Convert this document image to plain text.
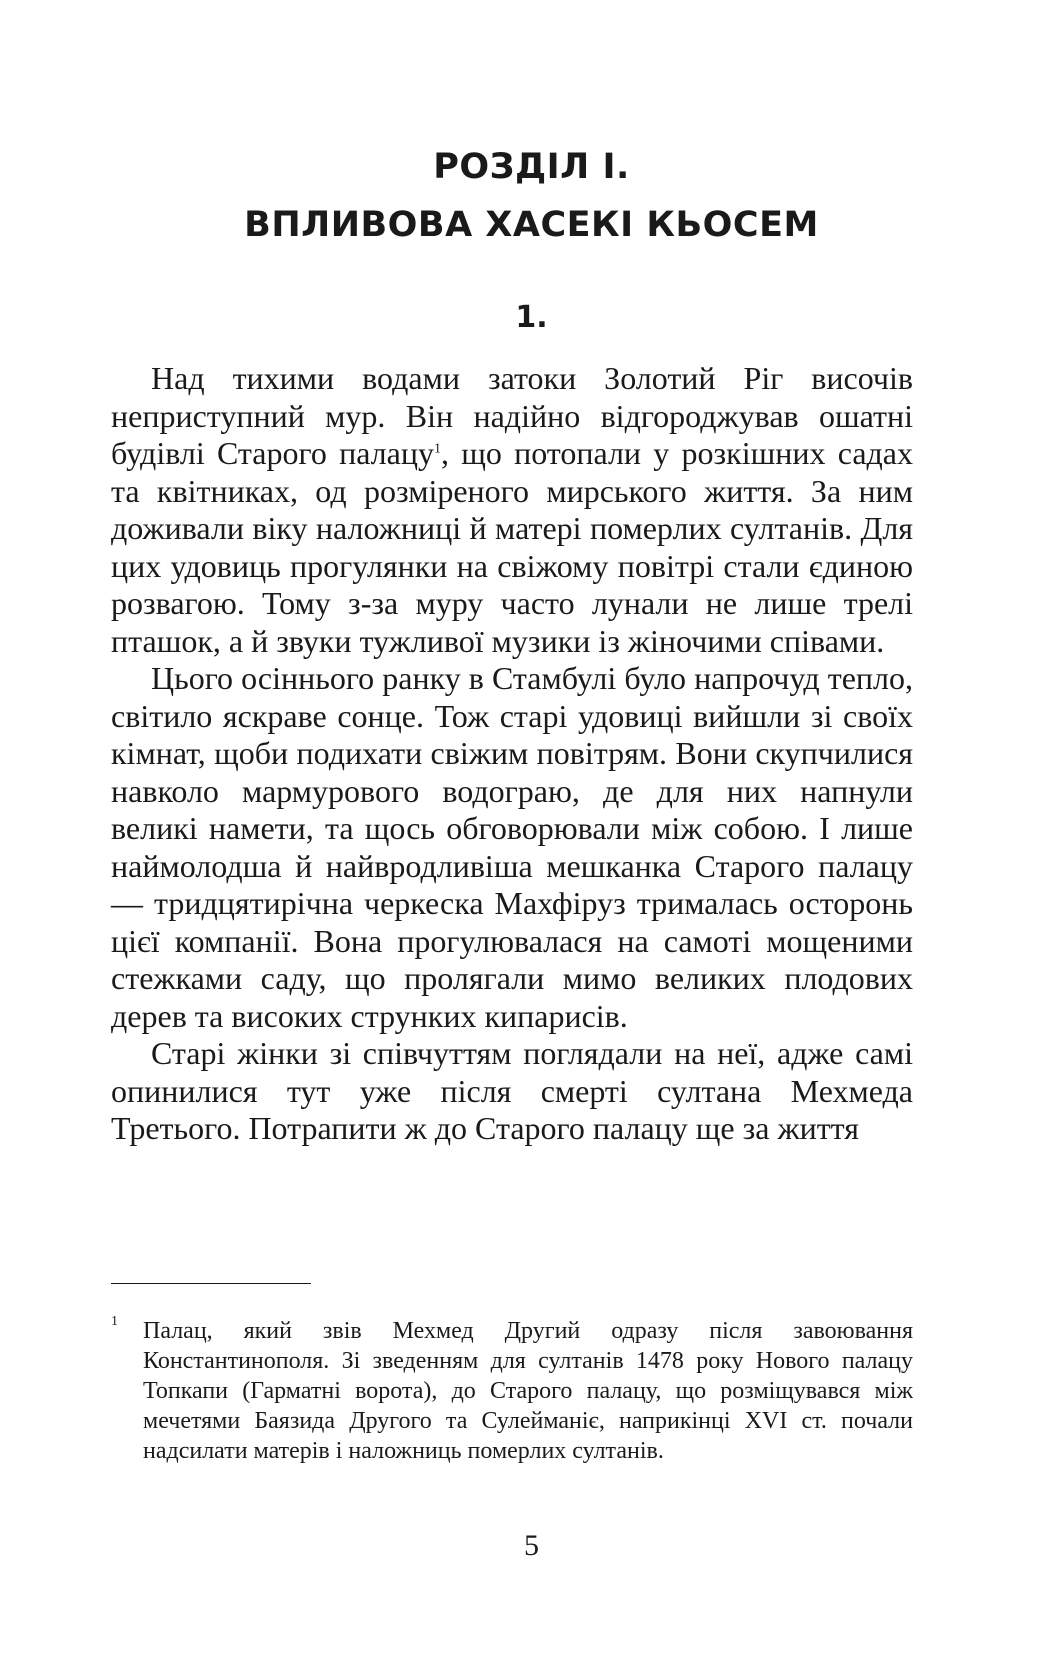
РОЗДІЛ І.
ВПЛИВОВА ХАСЕКІ КЬОСЕМ
1.

Над тихими водами затоки Золотий Ріг височів неприступний мур. Він надійно відгороджував ошатні будівлі Старого палацу$^1$, що потопали у розкішних садах та квітниках, од розміреного мирського життя. За ним доживали віку наложниці й матері померлих султанів. Для цих удовиць прогулянки на свіжому повітрі стали єдиною розвагою. Тому з-за муру часто лунали не лише трелі пташок, а й звуки тужливої музики із жіночими співами.

Цього осіннього ранку в Стамбулі було напрочуд тепло, світило яскраве сонце. Тож старі удовиці вийшли зі своїх кімнат, щоби подихати свіжим повітрям. Вони скупчилися навколо мармурового водограю, де для них напнули великі намети, та щось обговорювали між собою. І лише наймолодша й найвродливіша мешканка Старого палацу — тридцятирічна черкеска Махфіруз трималась осторонь цієї компанії. Вона прогулювалася на самоті мощеними стежками саду, що пролягали мимо великих плодових дерев та високих струнких кипарисів.

Старі жінки зі співчуттям поглядали на неї, адже самі опинилися тут уже після смерті султана Мехмеда Третього. Потрапити ж до Старого палацу ще за життя

1 Палац, який звів Мехмед Другий одразу після завоювання Константинополя. Зі зведенням для султанів 1478 року Нового палацу Топкапи (Гарматні ворота), до Старого палацу, що розміщувався між мечетями Баязида Другого та Сулейманіє, наприкінці XVI ст. почали надсилати матерів і наложниць померлих султанів.
5
